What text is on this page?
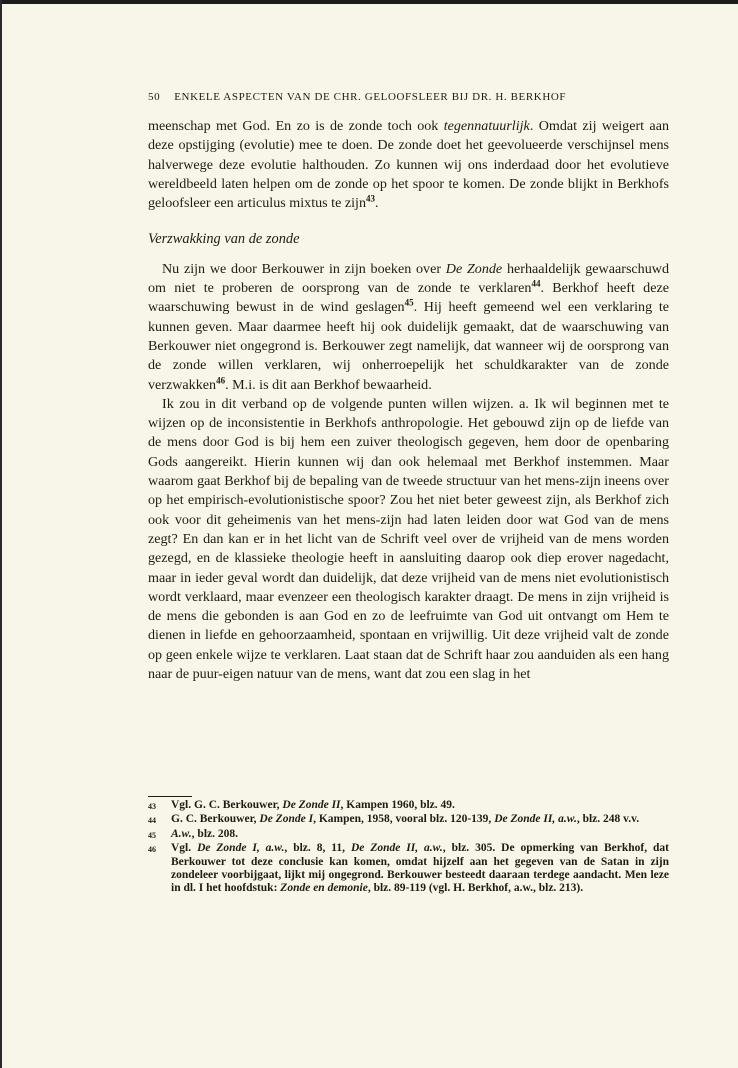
50 ENKELE ASPECTEN VAN DE CHR. GELOOFSLEER BIJ DR. H. BERKHOF

meenschap met God. En zo is de zonde toch ook tegennatuurlijk. Omdat zij weigert aan deze opstijging (evolutie) mee te doen. De zonde doet het geevolueerde verschijnsel mens halverwege deze evolutie halthouden. Zo kunnen wij ons inderdaad door het evolutieve wereldbeeld laten helpen om de zonde op het spoor te komen. De zonde blijkt in Berkhofs geloofsleer een articulus mixtus te zijn$^{43}$.

Verzwakking van de zonde

Nu zijn we door Berkouwer in zijn boeken over De Zonde herhaaldelijk gewaarschuwd om niet te proberen de oorsprong van de zonde te verklaren$^{44}$. Berkhof heeft deze waarschuwing bewust in de wind geslagen$^{45}$. Hij heeft gemeend wel een verklaring te kunnen geven. Maar daarmee heeft hij ook duidelijk gemaakt, dat de waarschuwing van Berkouwer niet ongegrond is. Berkouwer zegt namelijk, dat wanneer wij de oorsprong van de zonde willen verklaren, wij onherroepelijk het schuldkarakter van de zonde verzwakken$^{46}$. M.i. is dit aan Berkhof bewaarheid.

Ik zou in dit verband op de volgende punten willen wijzen. a. Ik wil beginnen met te wijzen op de inconsistentie in Berkhofs anthropologie. Het gebouwd zijn op de liefde van de mens door God is bij hem een zuiver theologisch gegeven, hem door de openbaring Gods aangereikt. Hierin kunnen wij dan ook helemaal met Berkhof instemmen. Maar waarom gaat Berkhof bij de bepaling van de tweede structuur van het mens-zijn ineens over op het empirisch-evolutionistische spoor? Zou het niet beter geweest zijn, als Berkhof zich ook voor dit geheimenis van het mens-zijn had laten leiden door wat God van de mens zegt? En dan kan er in het licht van de Schrift veel over de vrijheid van de mens worden gezegd, en de klassieke theologie heeft in aansluiting daarop ook diep erover nagedacht, maar in ieder geval wordt dan duidelijk, dat deze vrijheid van de mens niet evolutionistisch wordt verklaard, maar evenzeer een theologisch karakter draagt. De mens in zijn vrijheid is de mens die gebonden is aan God en zo de leefruimte van God uit ontvangt om Hem te dienen in liefde en gehoorzaamheid, spontaan en vrijwillig. Uit deze vrijheid valt de zonde op geen enkele wijze te verklaren. Laat staan dat de Schrift haar zou aanduiden als een hang naar de puur-eigen natuur van de mens, want dat zou een slag in het

43	Vgl. G. C. Berkouwer, De Zonde II, Kampen 1960, blz. 49.
44	G. C. Berkouwer, De Zonde I, Kampen, 1958, vooral blz. 120-139, De Zonde II, a.w., blz. 248 v.v.
45	A.w., blz. 208.
46	Vgl. De Zonde I, a.w., blz. 8, 11, De Zonde II, a.w., blz. 305. De opmerking van Berkhof, dat Berkouwer tot deze conclusie kan komen, omdat hijzelf aan het gegeven van de Satan in zijn zondeleer voorbijgaat, lijkt mij ongegrond. Berkouwer besteedt daaraan terdege aandacht. Men leze in dl. I het hoofdstuk: Zonde en demonie, blz. 89-119 (vgl. H. Berkhof, a.w., blz. 213).
